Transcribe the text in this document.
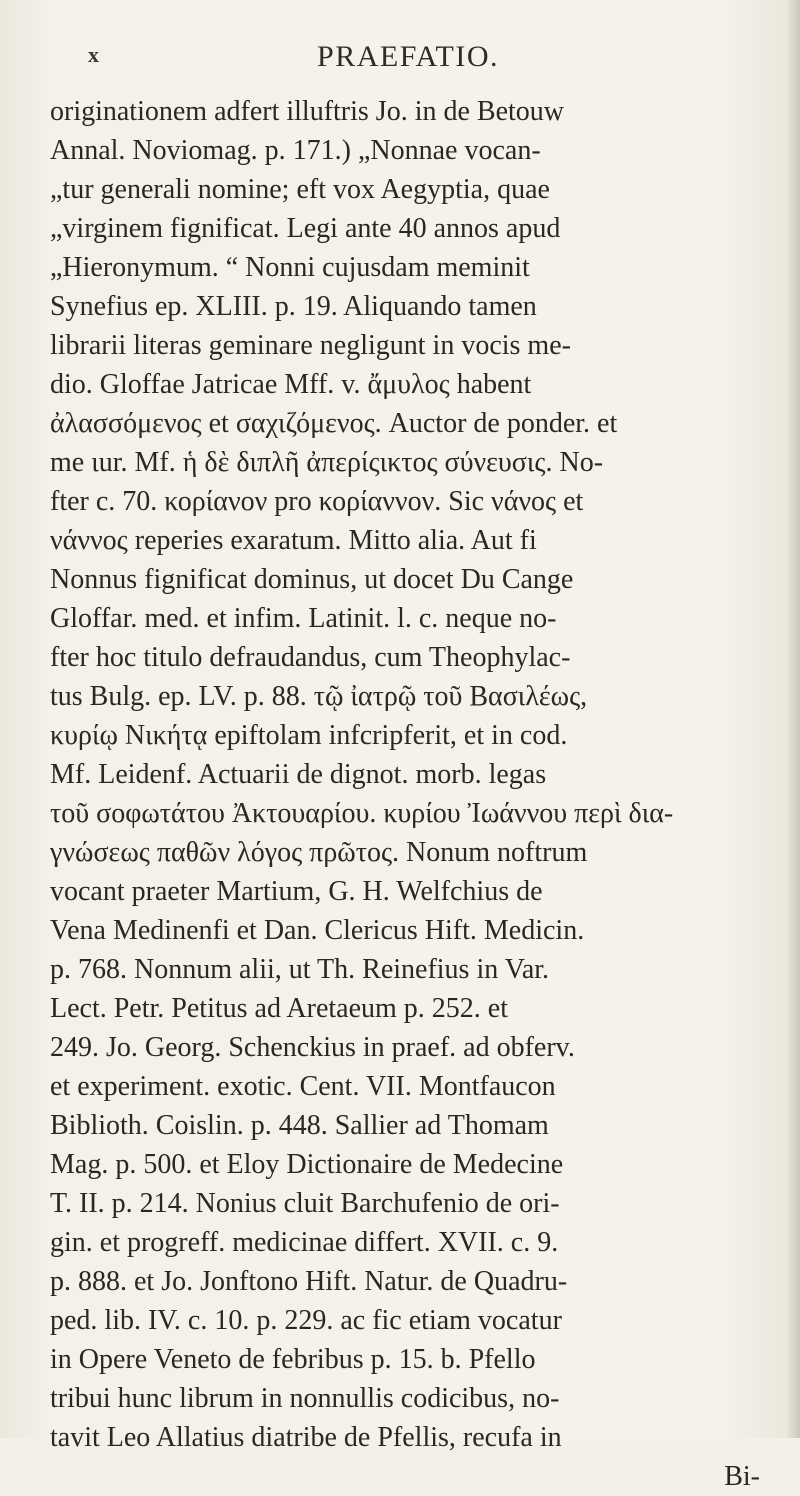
x	PRAEFATIO.
originationem adfert illuftris Jo. in de Betouw
Annal. Noviomag. p. 171.) „Nonnae vocan-
„tur generali nomine; eft vox Aegyptia, quae
„virginem fignificat. Legi ante 40 annos apud
„Hieronymum. “ Nonni cujusdam meminit
Synefius ep. XLIII. p. 19. Aliquando tamen
librarii literas geminare negligunt in vocis me-
dio. Gloffae Jatricae Mff. v. ἄμυλος habent
ἀλασσόμενος et σαχιζόμενος. Auctor de ponder. et
me ιur. Mf. ἡ δὲ διπλῆ ἀπερίςικτος σύνευσις. No-
fter c. 70. κορίανον pro κορίαννον. Sic νάνος et
νάννος reperies exaratum. Mitto alia. Aut fi
Nonnus fignificat dominus, ut docet Du Cange
Gloffar. med. et infim. Latinit. l. c. neque no-
fter hoc titulo defraudandus, cum Theophylac-
tus Bulg. ep. LV. p. 88. τῷ ἰατρῷ τοῦ Βασιλέως,
κυρίῳ Νικήτᾳ epiftolam infcripferit, et in cod.
Mf. Leidenf. Actuarii de dignot. morb. legas
τοῦ σοφωτάτου Ἀκτουαρίου. κυρίου Ἰωάννου περὶ δια-
γνώσεως παθῶν λόγος πρῶτος. Nonum noftrum
vocant praeter Martium, G. H. Welfchius de
Vena Medinenfi et Dan. Clericus Hift. Medicin.
p. 768. Nonnum alii, ut Th. Reinefius in Var.
Lect. Petr. Petitus ad Aretaeum p. 252. et
249. Jo. Georg. Schenckius in praef. ad obferv.
et experiment. exotic. Cent. VII. Montfaucon
Biblioth. Coislin. p. 448. Sallier ad Thomam
Mag. p. 500. et Eloy Dictionaire de Medecine
T. II. p. 214. Nonius cluit Barchufenio de ori-
gin. et progreff. medicinae differt. XVII. c. 9.
p. 888. et Jo. Jonftono Hift. Natur. de Quadru-
ped. lib. IV. c. 10. p. 229. ac fic etiam vocatur
in Opere Veneto de febribus p. 15. b. Pfello
tribui hunc librum in nonnullis codicibus, no-
tavit Leo Allatius diatribe de Pfellis, recufa in
Bi-
